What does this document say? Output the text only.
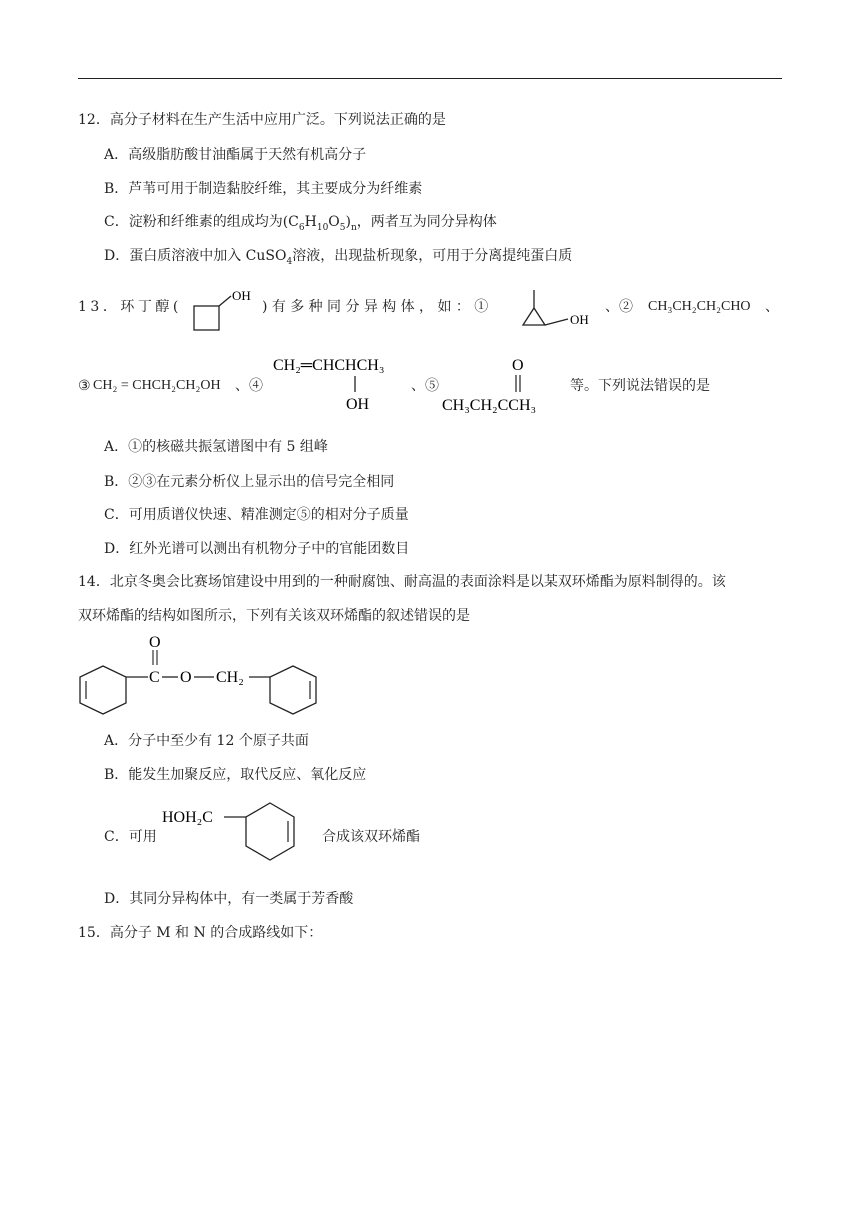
12．高分子材料在生产生活中应用广泛。下列说法正确的是
A．高级脂肪酸甘油酯属于天然有机高分子
B．芦苇可用于制造黏胶纤维，其主要成分为纤维素
C．淀粉和纤维素的组成均为$(C_6H_{10}O_5)_n$，两者互为同分异构体
D．蛋白质溶液中加入 CuSO$_4$溶液，出现盐析现象，可用于分离提纯蛋白质
13．环丁醇(
OH
)有多种同分异构体，如：①
OH
、② CH₃CH₂CH₂CHO 、
③ CH₂ = CHCH₂CH₂OH 、④
CH₂═CHCHCH₃
OH
、⑤
O
CH₃CH₂CCH₃
等。下列说法错误的是
A．①的核磁共振氢谱图中有 5 组峰
B．②③在元素分析仪上显示出的信号完全相同
C．可用质谱仪快速、精准测定⑤的相对分子质量
D．红外光谱可以测出有机物分子中的官能团数目
14．北京冬奥会比赛场馆建设中用到的一种耐腐蚀、耐高温的表面涂料是以某双环烯酯为原料制得的。该
双环烯酯的结构如图所示，下列有关该双环烯酯的叙述错误的是
C
O
O CH₂
A．分子中至少有 12 个原子共面
B．能发生加聚反应，取代反应、氧化反应
C．可用
HOH₂C
合成该双环烯酯
D．其同分异构体中，有一类属于芳香酸
15．高分子 M 和 N 的合成路线如下：
